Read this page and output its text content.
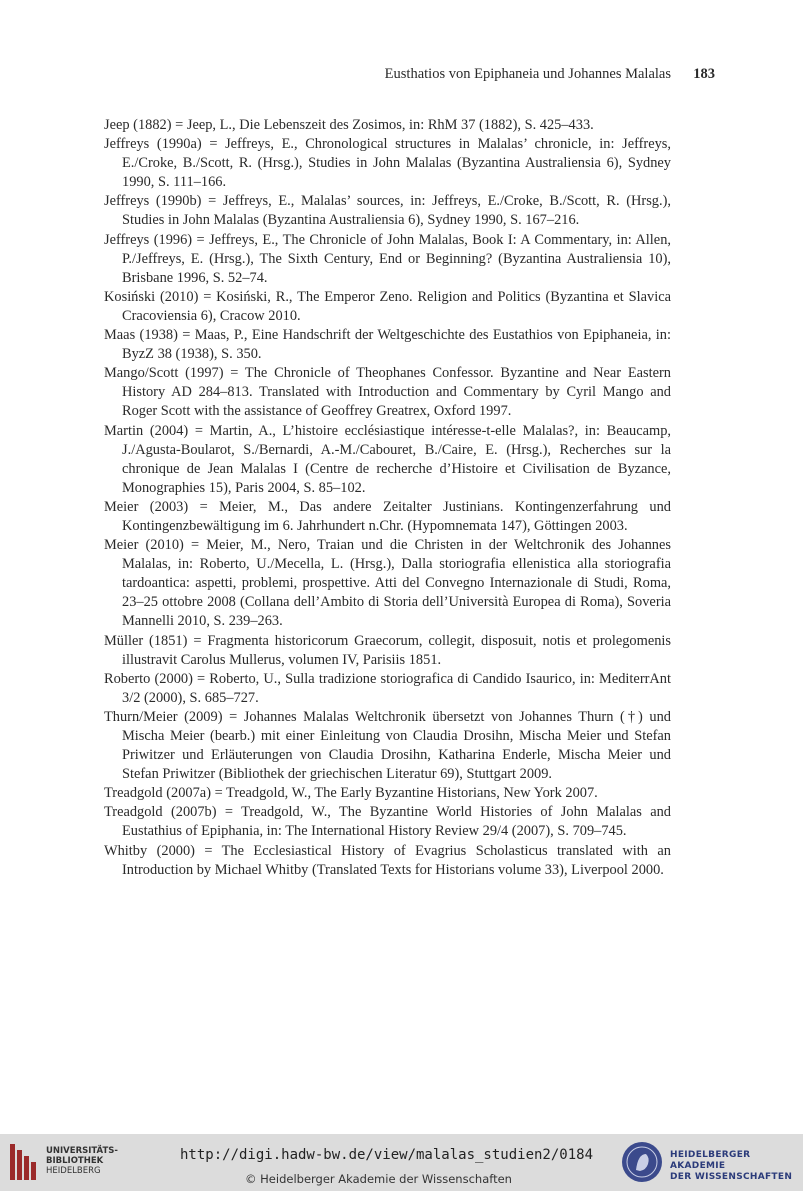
Eusthatios von Epiphaneia und Johannes Malalas 183

Jeep (1882) = Jeep, L., Die Lebenszeit des Zosimos, in: RhM 37 (1882), S. 425–433.

Jeffreys (1990a) = Jeffreys, E., Chronological structures in Malalas’ chronicle, in: Jeffreys, E./Croke, B./Scott, R. (Hrsg.), Studies in John Malalas (Byzantina Australiensia 6), Sydney 1990, S. 111–166.

Jeffreys (1990b) = Jeffreys, E., Malalas’ sources, in: Jeffreys, E./Croke, B./Scott, R. (Hrsg.), Studies in John Malalas (Byzantina Australiensia 6), Sydney 1990, S. 167–216.

Jeffreys (1996) = Jeffreys, E., The Chronicle of John Malalas, Book I: A Commentary, in: Allen, P./Jeffreys, E. (Hrsg.), The Sixth Century, End or Beginning? (Byzantina Australiensia 10), Brisbane 1996, S. 52–74.

Kosiński (2010) = Kosiński, R., The Emperor Zeno. Religion and Politics (Byzantina et Slavica Cracoviensia 6), Cracow 2010.

Maas (1938) = Maas, P., Eine Handschrift der Weltgeschichte des Eustathios von Epiphaneia, in: ByzZ 38 (1938), S. 350.

Mango/Scott (1997) = The Chronicle of Theophanes Confessor. Byzantine and Near Eastern History AD 284–813. Translated with Introduction and Commentary by Cyril Mango and Roger Scott with the assistance of Geoffrey Greatrex, Oxford 1997.

Martin (2004) = Martin, A., L’histoire ecclésiastique intéresse-t-elle Malalas?, in: Beaucamp, J./Agusta-Boularot, S./Bernardi, A.-M./Cabouret, B./Caire, E. (Hrsg.), Recherches sur la chronique de Jean Malalas I (Centre de recherche d’Histoire et Civilisation de Byzance, Monographies 15), Paris 2004, S. 85–102.

Meier (2003) = Meier, M., Das andere Zeitalter Justinians. Kontingenzerfahrung und Kontingenzbewältigung im 6. Jahrhundert n.Chr. (Hypomnemata 147), Göttingen 2003.

Meier (2010) = Meier, M., Nero, Traian und die Christen in der Weltchronik des Johannes Malalas, in: Roberto, U./Mecella, L. (Hrsg.), Dalla storiografia ellenistica alla storiografia tardoantica: aspetti, problemi, prospettive. Atti del Convegno Internazionale di Studi, Roma, 23–25 ottobre 2008 (Collana dell’Ambito di Storia dell’Università Europea di Roma), Soveria Mannelli 2010, S. 239–263.

Müller (1851) = Fragmenta historicorum Graecorum, collegit, disposuit, notis et prolegomenis illustravit Carolus Mullerus, volumen IV, Parisiis 1851.

Roberto (2000) = Roberto, U., Sulla tradizione storiografica di Candido Isaurico, in: MediterrAnt 3/2 (2000), S. 685–727.

Thurn/Meier (2009) = Johannes Malalas Weltchronik übersetzt von Johannes Thurn (†) und Mischa Meier (bearb.) mit einer Einleitung von Claudia Drosihn, Mischa Meier und Stefan Priwitzer und Erläuterungen von Claudia Drosihn, Katharina Enderle, Mischa Meier und Stefan Priwitzer (Bibliothek der griechischen Literatur 69), Stuttgart 2009.

Treadgold (2007a) = Treadgold, W., The Early Byzantine Historians, New York 2007.

Treadgold (2007b) = Treadgold, W., The Byzantine World Histories of John Malalas and Eustathius of Epiphania, in: The International History Review 29/4 (2007), S. 709–745.

Whitby (2000) = The Ecclesiastical History of Evagrius Scholasticus translated with an Introduction by Michael Whitby (Translated Texts for Historians volume 33), Liverpool 2000.

UNIVERSITÄTS-
BIBLIOTHEK
HEIDELBERG
http://digi.hadw-bw.de/view/malalas_studien2/0184
© Heidelberger Akademie der Wissenschaften
HEIDELBERGER AKADEMIE
DER WISSENSCHAFTEN
